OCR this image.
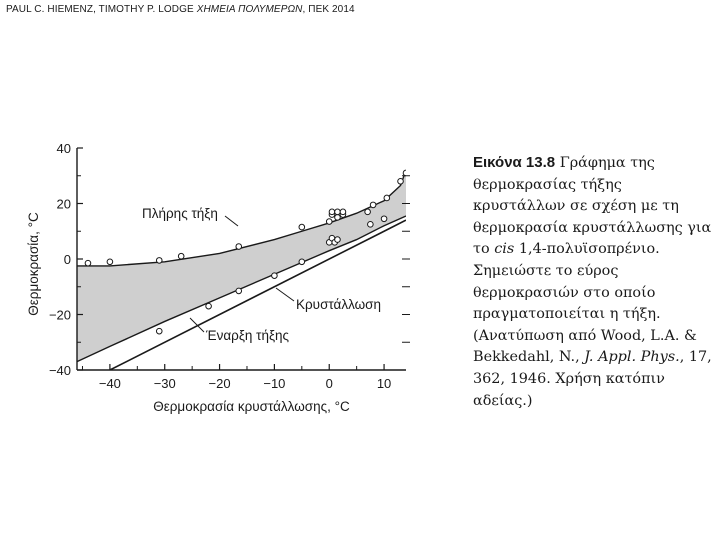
PAUL C. HIEMENZ, TIMOTHY P. LODGE ΧΗΜΕΙΑ ΠΟΛΥΜΕΡΩΝ, ΠΕΚ 2014
−40
−20
0
20
40
−40	−30	−20	−10	0	10
Θερμοκρασία κρυστάλλωσης, °C
Θερμοκρασία, °C	Πλήρης τήξη
Κρυστάλλωση
Έναρξη τήξης
Εικόνα 13.8 Γράφημα της θερμοκρασίας τήξης κρυστάλλων σε σχέση με τη θερμοκρασία κρυστάλλωσης για το cis 1,4-πολυϊσοπρένιο. Σημειώστε το εύρος θερμοκρασιών στο οποίο πραγματοποιείται η τήξη. (Ανατύπωση από Wood, L.A. & Bekkedahl, N., J. Appl. Phys., 17, 362, 1946. Χρήση κατόπιν αδείας.)
